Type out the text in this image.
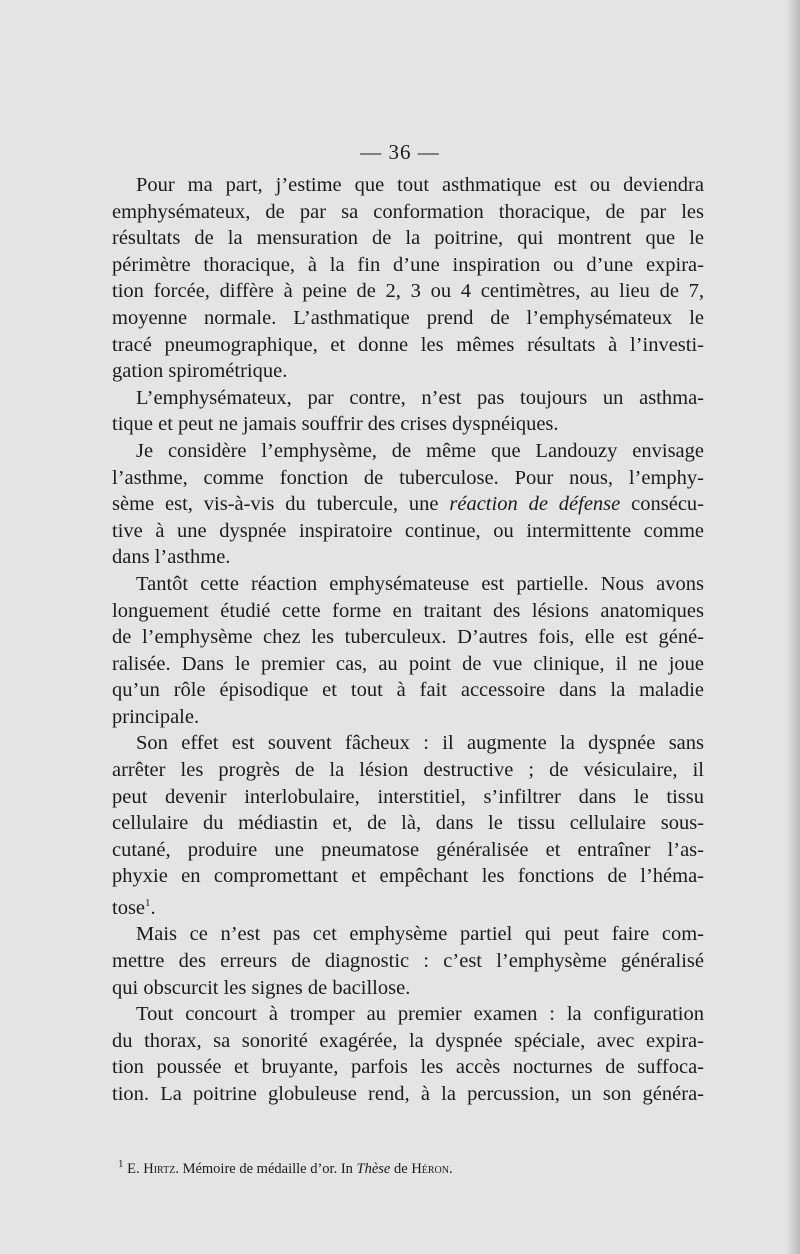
— 36 —

Pour ma part, j’estime que tout asthmatique est ou deviendra
emphysémateux, de par sa conformation thoracique, de par les
résultats de la mensuration de la poitrine, qui montrent que le
périmètre thoracique, à la fin d’une inspiration ou d’une expira-
tion forcée, diffère à peine de 2, 3 ou 4 centimètres, au lieu de 7,
moyenne normale. L’asthmatique prend de l’emphysémateux le
tracé pneumographique, et donne les mêmes résultats à l’investi-
gation spirométrique.

L’emphysémateux, par contre, n’est pas toujours un asthma-
tique et peut ne jamais souffrir des crises dyspnéiques.

Je considère l’emphysème, de même que Landouzy envisage
l’asthme, comme fonction de tuberculose. Pour nous, l’emphy-
sème est, vis-à-vis du tubercule, une réaction de défense consécu-
tive à une dyspnée inspiratoire continue, ou intermittente comme
dans l’asthme.

Tantôt cette réaction emphysémateuse est partielle. Nous avons
longuement étudié cette forme en traitant des lésions anatomiques
de l’emphysème chez les tuberculeux. D’autres fois, elle est géné-
ralisée. Dans le premier cas, au point de vue clinique, il ne joue
qu’un rôle épisodique et tout à fait accessoire dans la maladie
principale.

Son effet est souvent fâcheux : il augmente la dyspnée sans
arrêter les progrès de la lésion destructive ; de vésiculaire, il
peut devenir interlobulaire, interstitiel, s’infiltrer dans le tissu
cellulaire du médiastin et, de là, dans le tissu cellulaire sous-
cutané, produire une pneumatose généralisée et entraîner l’as-
phyxie en compromettant et empêchant les fonctions de l’héma-
tose$^1$.

Mais ce n’est pas cet emphysème partiel qui peut faire com-
mettre des erreurs de diagnostic : c’est l’emphysème généralisé
qui obscurcit les signes de bacillose.

Tout concourt à tromper au premier examen : la configuration
du thorax, sa sonorité exagérée, la dyspnée spéciale, avec expira-
tion poussée et bruyante, parfois les accès nocturnes de suffoca-
tion. La poitrine globuleuse rend, à la percussion, un son généra-

$^1$ E. Hirtz. Mémoire de médaille d’or. In Thèse de Héron.
